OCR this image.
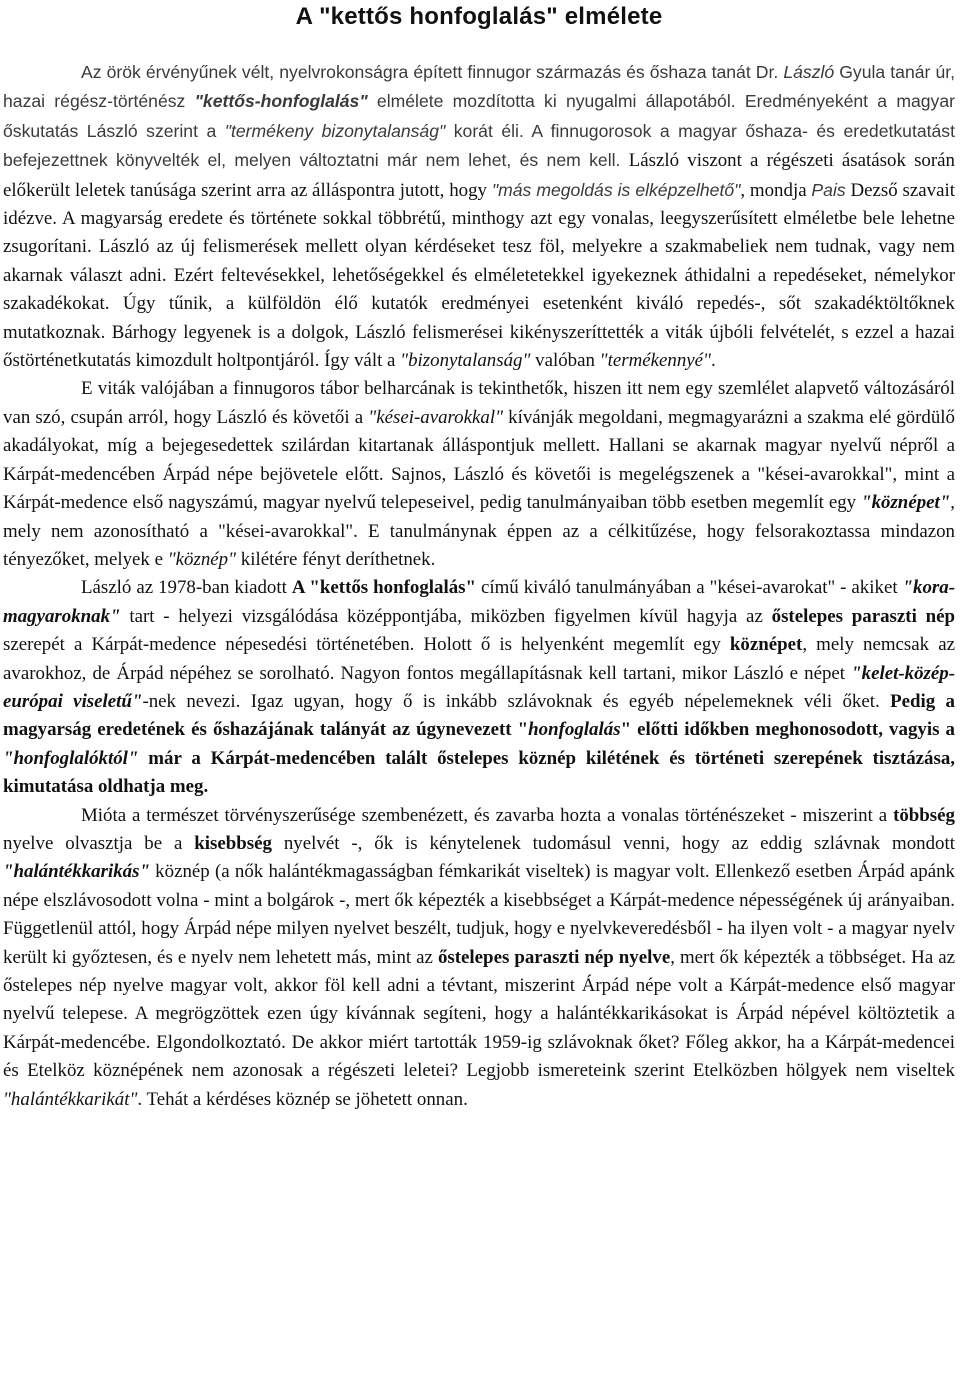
A "kettős honfoglalás" elmélete

Az örök érvényűnek vélt, nyelvrokonságra épített finnugor származás és őshaza tanát Dr. László Gyula tanár úr, hazai régész-történész "kettős-honfoglalás" elmélete mozdította ki nyugalmi állapotából. Eredményeként a magyar őskutatás László szerint a "termékeny bizonytalanság" korát éli. A finnugorosok a magyar őshaza- és eredetkutatást befejezettnek könyvelték el, melyen változtatni már nem lehet, és nem kell. László viszont a régészeti ásatások során előkerült leletek tanúsága szerint arra az álláspontra jutott, hogy "más megoldás is elképzelhető", mondja Pais Dezső szavait idézve. A magyarság eredete és története sokkal többrétű, minthogy azt egy vonalas, leegyszerűsített elméletbe bele lehetne zsugorítani. László az új felismerések mellett olyan kérdéseket tesz föl, melyekre a szakmabeliek nem tudnak, vagy nem akarnak választ adni. Ezért feltevésekkel, lehetőségekkel és elméletetekkel igyekeznek áthidalni a repedéseket, némelykor szakadékokat. Úgy tűnik, a külföldön élő kutatók eredményei esetenként kiváló repedés-, sőt szakadéktöltőknek mutatkoznak. Bárhogy legyenek is a dolgok, László felismerései kikényszeríttették a viták újbóli felvételét, s ezzel a hazai őstörténetkutatás kimozdult holtpontjáról. Így vált a "bizonytalanság" valóban "termékennyé".

E viták valójában a finnugoros tábor belharcának is tekinthetők, hiszen itt nem egy szemlélet alapvető változásáról van szó, csupán arról, hogy László és követői a "kései-avarokkal" kívánják megoldani, megmagyarázni a szakma elé gördülő akadályokat, míg a bejegesedettek szilárdan kitartanak álláspontjuk mellett. Hallani se akarnak magyar nyelvű népről a Kárpát-medencében Árpád népe bejövetele előtt. Sajnos, László és követői is megelégszenek a "kései-avarokkal", mint a Kárpát-medence első nagyszámú, magyar nyelvű telepeseivel, pedig tanulmányaiban több esetben megemlít egy "köznépet", mely nem azonosítható a "kései-avarokkal". E tanulmánynak éppen az a célkitűzése, hogy felsorakoztassa mindazon tényezőket, melyek e "köznép" kilétére fényt deríthetnek.

László az 1978-ban kiadott A "kettős honfoglalás" című kiváló tanulmányában a "kései-avarokat" - akiket "kora-magyaroknak" tart - helyezi vizsgálódása középpontjába, miközben figyelmen kívül hagyja az őstelepes paraszti nép szerepét a Kárpát-medence népesedési történetében. Holott ő is helyenként megemlít egy köznépet, mely nemcsak az avarokhoz, de Árpád népéhez se sorolható. Nagyon fontos megállapításnak kell tartani, mikor László e népet "kelet-közép-európai viseletű"-nek nevezi. Igaz ugyan, hogy ő is inkább szlávoknak és egyéb népelemeknek véli őket. Pedig a magyarság eredetének és őshazájának talányát az úgynevezett "honfoglalás" előtti időkben meghonosodott, vagyis a "honfoglalóktól" már a Kárpát-medencében talált őstelepes köznép kilétének és történeti szerepének tisztázása, kimutatása oldhatja meg.

Mióta a természet törvényszerűsége szembenézett, és zavarba hozta a vonalas történészeket - miszerint a többség nyelve olvasztja be a kisebbség nyelvét -, ők is kénytelenek tudomásul venni, hogy az eddig szlávnak mondott "halántékkarikás" köznép (a nők halántékmagasságban fémkarikát viseltek) is magyar volt. Ellenkező esetben Árpád apánk népe elszlávosodott volna - mint a bolgárok -, mert ők képezték a kisebbséget a Kárpát-medence népességének új arányaiban. Függetlenül attól, hogy Árpád népe milyen nyelvet beszélt, tudjuk, hogy e nyelvkeveredésből - ha ilyen volt - a magyar nyelv került ki győztesen, és e nyelv nem lehetett más, mint az őstelepes paraszti nép nyelve, mert ők képezték a többséget. Ha az őstelepes nép nyelve magyar volt, akkor föl kell adni a tévtant, miszerint Árpád népe volt a Kárpát-medence első magyar nyelvű telepese. A megrögzöttek ezen úgy kívánnak segíteni, hogy a halántékkarikásokat is Árpád népével költöztetik a Kárpát-medencébe. Elgondolkoztató. De akkor miért tartották 1959-ig szlávoknak őket? Főleg akkor, ha a Kárpát-medencei és Etelköz köznépének nem azonosak a régészeti leletei? Legjobb ismereteink szerint Etelközben hölgyek nem viseltek "halántékkarikát". Tehát a kérdéses köznép se jöhetett onnan.
